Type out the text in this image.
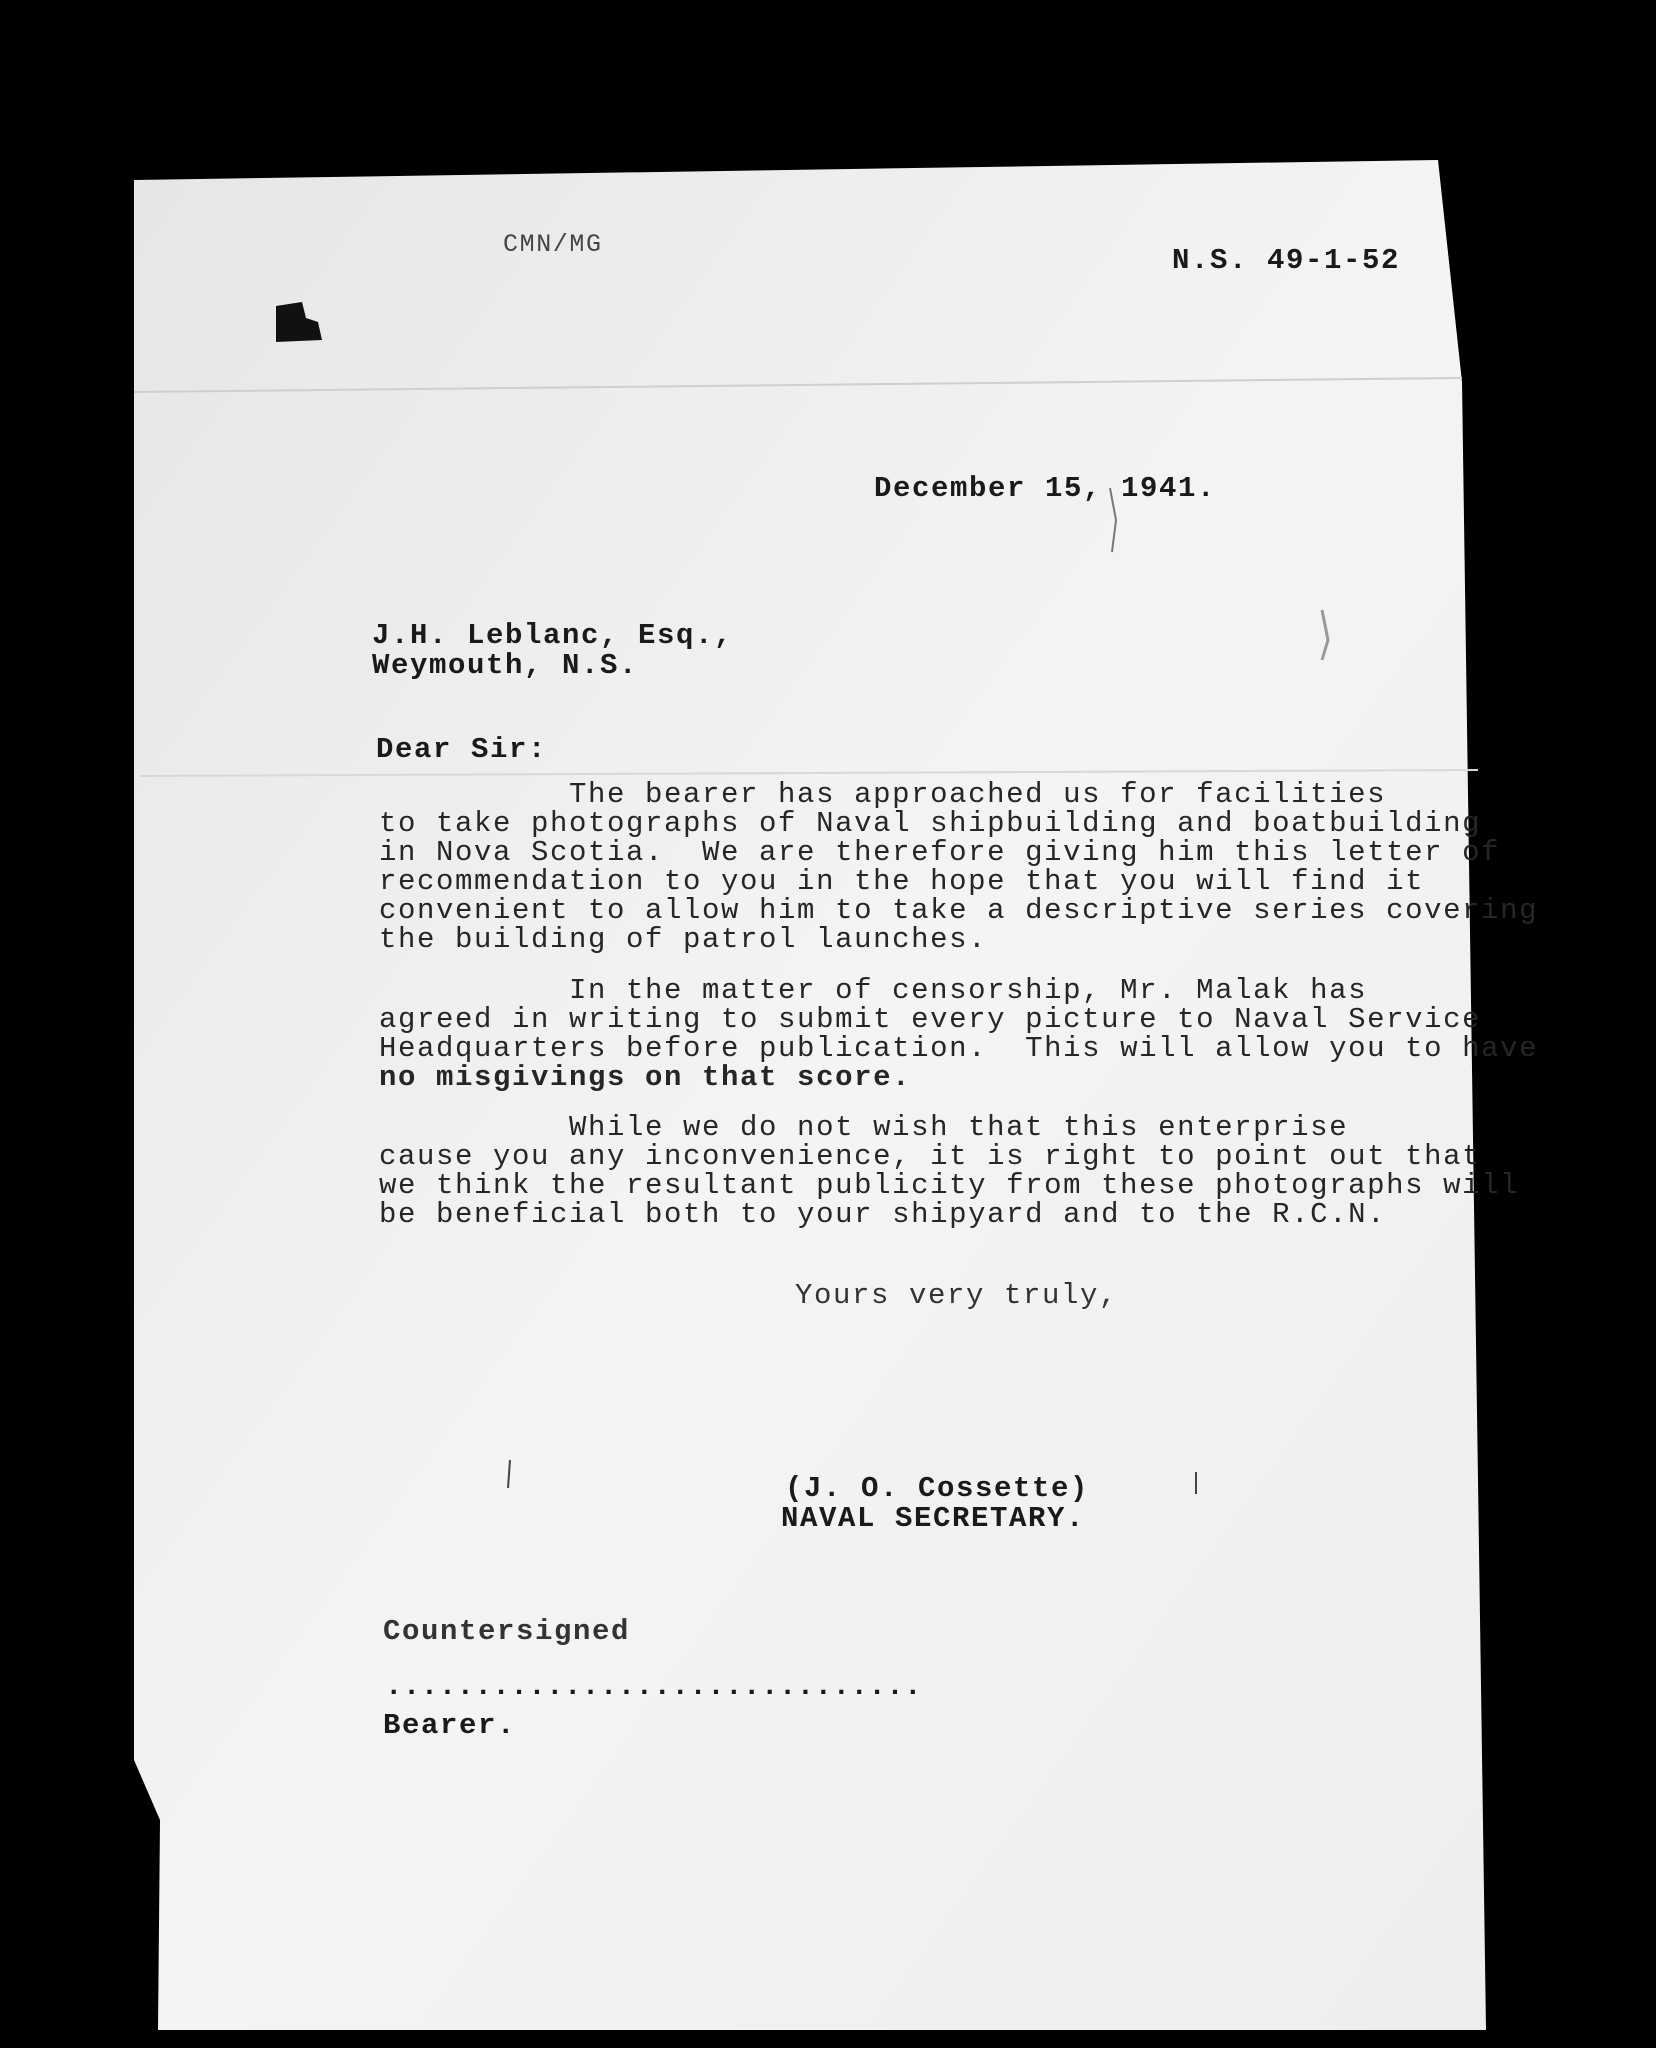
CMN/MG	N.S. 49-1-52
December 15, 1941.
J.H. Leblanc, Esq.,
Weymouth, N.S.
Dear Sir:
The bearer has approached us for facilities
to take photographs of Naval shipbuilding and boatbuilding
in Nova Scotia.  We are therefore giving him this letter of
recommendation to you in the hope that you will find it
convenient to allow him to take a descriptive series covering
the building of patrol launches.
In the matter of censorship, Mr. Malak has
agreed in writing to submit every picture to Naval Service
Headquarters before publication.  This will allow you to have
no misgivings on that score.
While we do not wish that this enterprise
cause you any inconvenience, it is right to point out that
we think the resultant publicity from these photographs will
be beneficial both to your shipyard and to the R.C.N.
Yours very truly,
(J. O. Cossette)
NAVAL SECRETARY.
Countersigned
..............................
Bearer.
